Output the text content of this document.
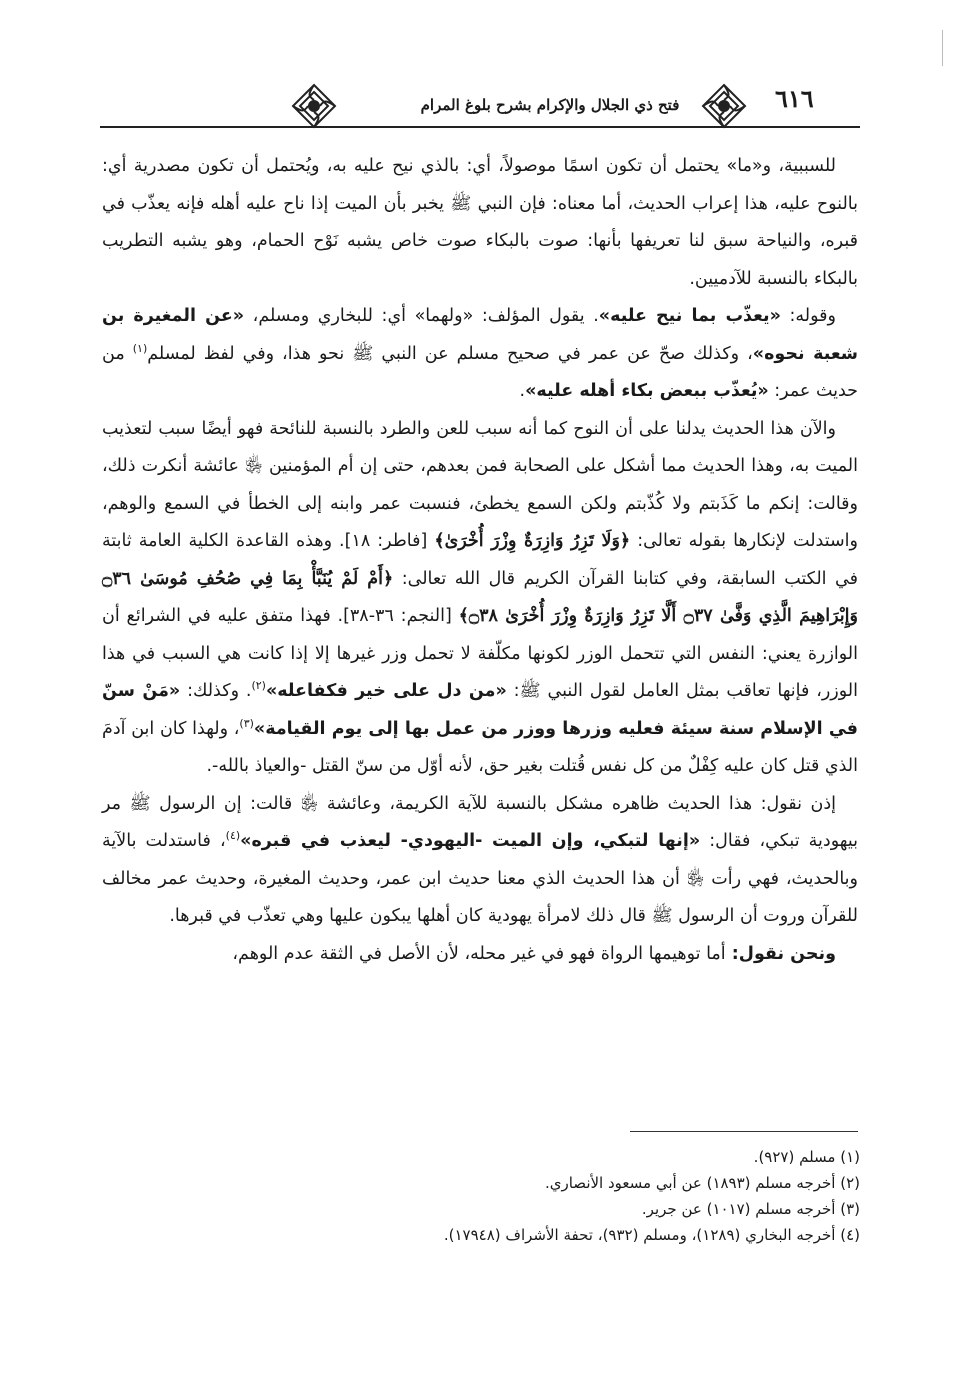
فتح ذي الجلال والإكرام بشرح بلوغ المرام	٦١٦

للسببية، و«ما» يحتمل أن تكون اسمًا موصولاً، أي: بالذي نيح عليه به، ويُحتمل أن تكون مصدرية أي: بالنوح عليه، هذا إعراب الحديث، أما معناه: فإن النبي ﷺ يخبر بأن الميت إذا ناح عليه أهله فإنه يعذّب في قبره، والنياحة سبق لنا تعريفها بأنها: صوت بالبكاء صوت خاص يشبه نَوْح الحمام، وهو يشبه التطريب بالبكاء بالنسبة للآدميين.

وقوله: «يعذّب بما نيح عليه». يقول المؤلف: «ولهما» أي: للبخاري ومسلم، «عن المغيرة بن شعبة نحوه»، وكذلك صحّ عن عمر في صحيح مسلم عن النبي ﷺ نحو هذا، وفي لفظ لمسلم$^{(١)}$ من حديث عمر: «يُعذّب ببعض بكاء أهله عليه».

والآن هذا الحديث يدلنا على أن النوح كما أنه سبب للعن والطرد بالنسبة للنائحة فهو أيضًا سبب لتعذيب الميت به، وهذا الحديث مما أشكل على الصحابة فمن بعدهم، حتى إن أم المؤمنين ﵂ عائشة أنكرت ذلك، وقالت: إنكم ما كَذَبتم ولا كُذّبتم ولكن السمع يخطئ، فنسبت عمر وابنه إلى الخطأ في السمع والوهم، واستدلت لإنكارها بقوله تعالى: ﴿وَلَا تَزِرُ وَازِرَةٌ وِزْرَ أُخْرَىٰ﴾ [فاطر: ١٨]. وهذه القاعدة الكلية العامة ثابتة في الكتب السابقة، وفي كتابنا القرآن الكريم قال الله تعالى: ﴿أَمْ لَمْ يُنَبَّأْ بِمَا فِي صُحُفِ مُوسَىٰ ۝٣٦ وَإِبْرَاهِيمَ الَّذِي وَفَّىٰ ۝٣٧ أَلَّا تَزِرُ وَازِرَةٌ وِزْرَ أُخْرَىٰ ۝٣٨﴾ [النجم: ٣٦-٣٨]. فهذا متفق عليه في الشرائع أن الوازرة يعني: النفس التي تتحمل الوزر لكونها مكلّفة لا تحمل وزر غيرها إلا إذا كانت هي السبب في هذا الوزر، فإنها تعاقب بمثل العامل لقول النبي ﷺ: «من دل على خير فكفاعله»$^{(٢)}$. وكذلك: «مَنْ سنّ في الإسلام سنة سيئة فعليه وزرها ووزر من عمل بها إلى يوم القيامة»$^{(٣)}$، ولهذا كان ابن آدمَ الذي قتل كان عليه كِفْلٌ من كل نفس قُتلت بغير حق، لأنه أوّل من سنّ القتل -والعياذ بالله-.

إذن نقول: هذا الحديث ظاهره مشكل بالنسبة للآية الكريمة، وعائشة ﵂ قالت: إن الرسول ﷺ مر بيهودية تبكي، فقال: «إنها لتبكي، وإن الميت -اليهودي- ليعذب في قبره»$^{(٤)}$، فاستدلت بالآية وبالحديث، فهي رأت ﵂ أن هذا الحديث الذي معنا حديث ابن عمر، وحديث المغيرة، وحديث عمر مخالف للقرآن وروت أن الرسول ﷺ قال ذلك لامرأة يهودية كان أهلها يبكون عليها وهي تعذّب في قبرها.

ونحن نقول: أما توهيمها الرواة فهو في غير محله، لأن الأصل في الثقة عدم الوهم،

(١) مسلم (٩٢٧).
(٢) أخرجه مسلم (١٨٩٣) عن أبي مسعود الأنصاري.
(٣) أخرجه مسلم (١٠١٧) عن جرير.
(٤) أخرجه البخاري (١٢٨٩)، ومسلم (٩٣٢)، تحفة الأشراف (١٧٩٤٨).
